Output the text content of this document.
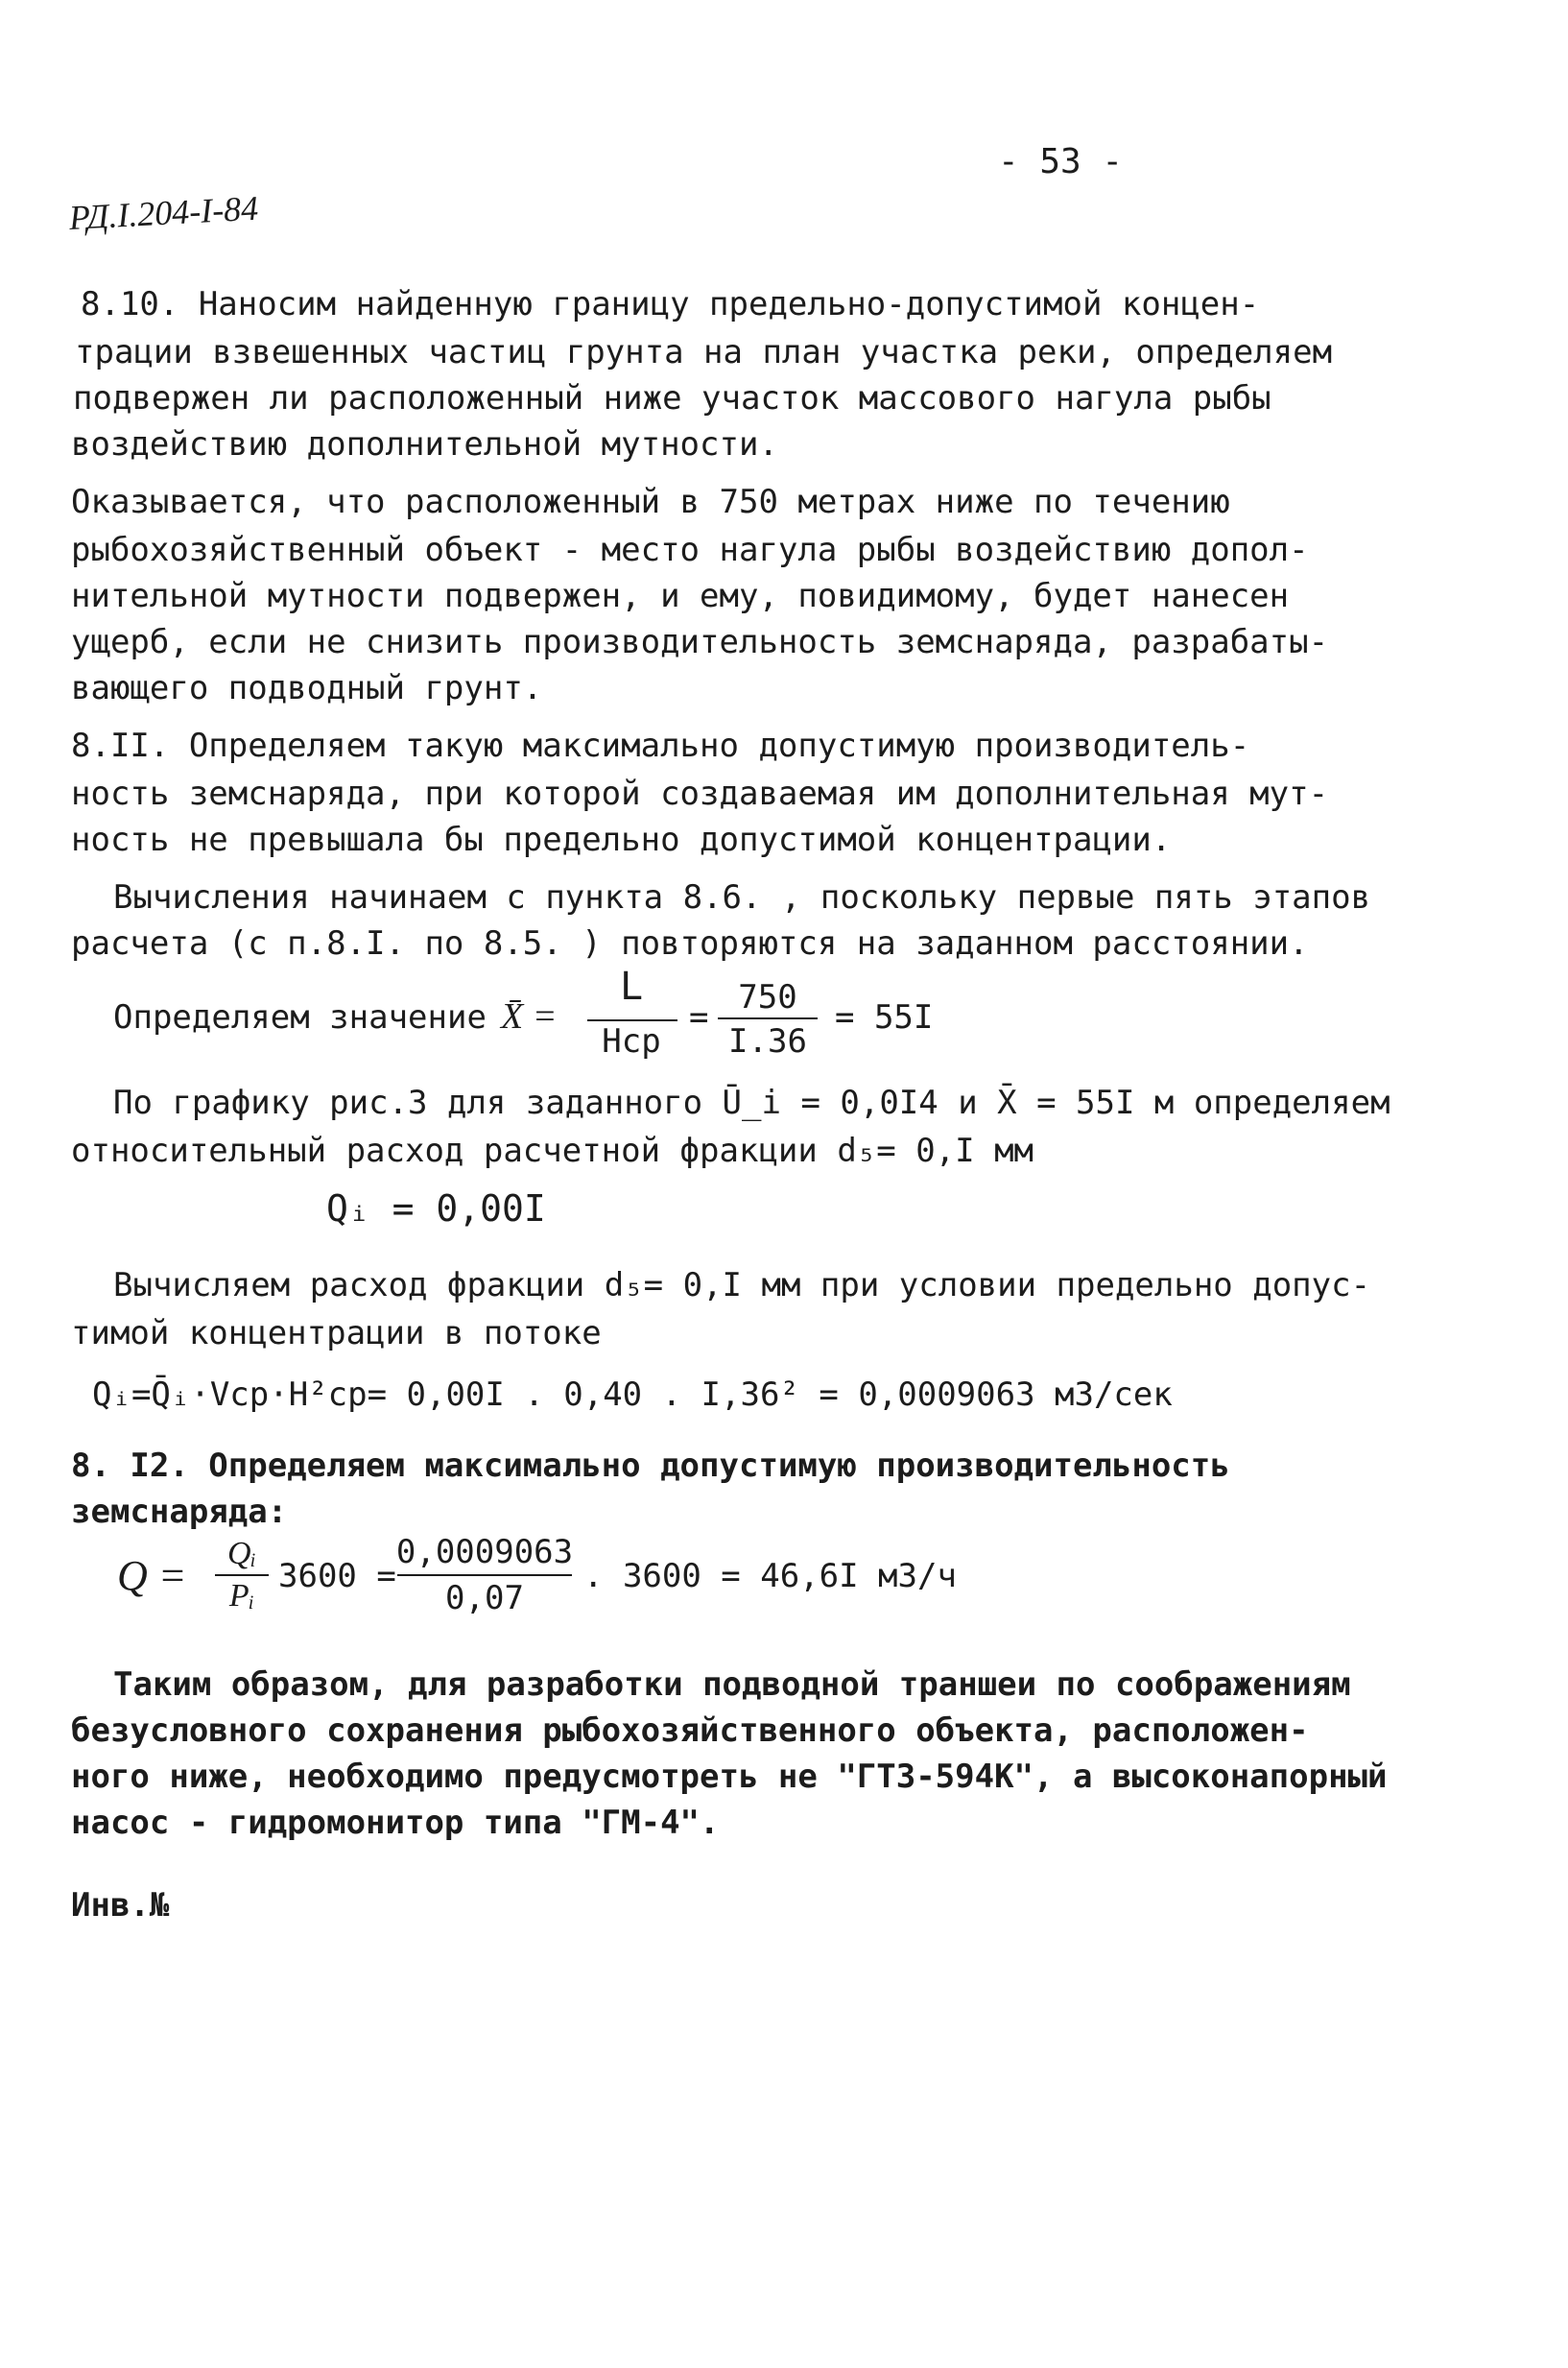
- 53 -
РД.I.204-I-84
8.10. Наносим найденную границу предельно-допустимой концен-
трации взвешенных частиц грунта на план участка реки, определяем
подвержен ли расположенный ниже участок массового нагула рыбы
воздействию дополнительной мутности.
Оказывается, что расположенный в 750 метрах ниже по течению
рыбохозяйственный объект - место нагула рыбы воздействию допол-
нительной мутности подвержен, и ему, повидимому, будет нанесен
ущерб, если не снизить производительность земснаряда, разрабаты-
вающего подводный грунт.
8.II. Определяем такую максимально допустимую производитель-
ность земснаряда, при которой создаваемая им дополнительная мут-
ность не превышала бы предельно допустимой концентрации.
Вычисления начинаем с пункта 8.6. , поскольку первые пять этапов
расчета (с п.8.I. по 8.5. ) повторяются на заданном расстоянии.
Определяем значение X̄ =
L
Нср
=
750
I.36
= 55I
По графику рис.3 для заданного Ū_i = 0,0I4 и X̄ = 55I м определяем
относительный расход расчетной фракции d₅= 0,I мм
Qᵢ = 0,00I
Вычисляем расход фракции d₅= 0,I мм при условии предельно допус-
тимой концентрации в потоке
Qᵢ=Q̄ᵢ·Vср·H²ср= 0,00I . 0,40 . I,36² = 0,0009063 м3/сек
8. I2. Определяем максимально допустимую производительность
земснаряда:
Q =	Qᵢ
Pᵢ
3600 =
0,0009063
0,07
. 3600 = 46,6I м3/ч
Таким образом, для разработки подводной траншеи по соображениям
безусловного сохранения рыбохозяйственного объекта, расположен-
ного ниже, необходимо предусмотреть не "ГТЗ-594К", а высоконапорный
насос - гидромонитор типа "ГМ-4".
Инв.№
